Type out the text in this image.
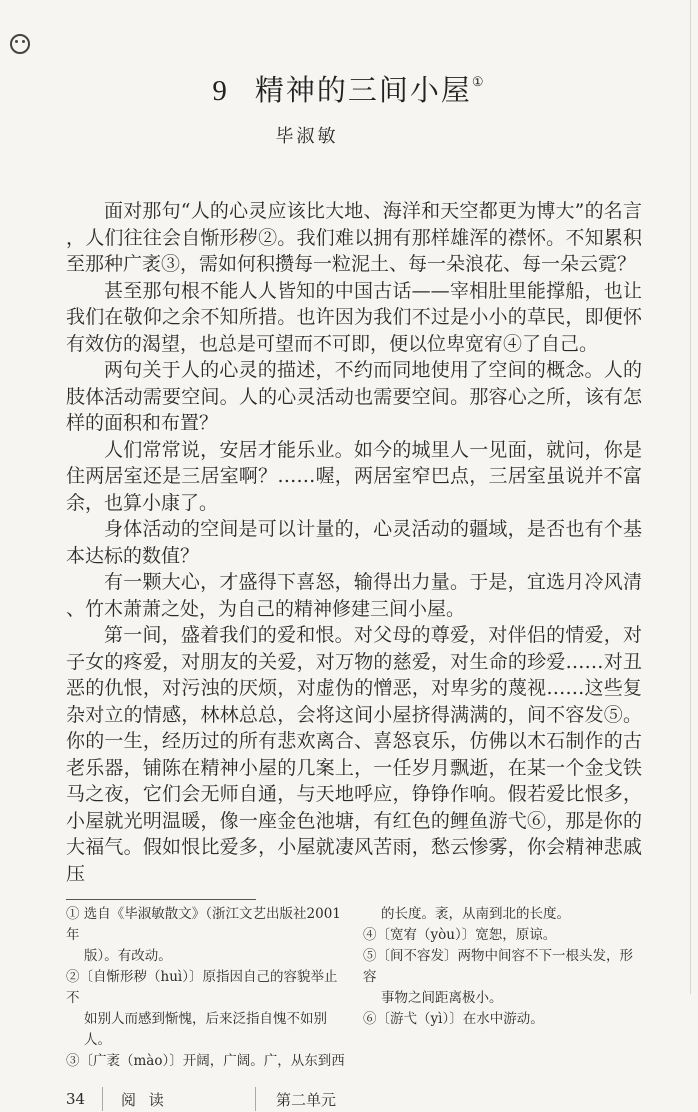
9 精神的三间小屋①
毕淑敏

面对那句“人的心灵应该比大地、海洋和天空都更为博大”的名言，人们往往会自惭形秽②。我们难以拥有那样雄浑的襟怀。不知累积至那种广袤③，需如何积攒每一粒泥土、每一朵浪花、每一朵云霓？

甚至那句根不能人人皆知的中国古话——宰相肚里能撑船，也让我们在敬仰之余不知所措。也许因为我们不过是小小的草民，即便怀有效仿的渴望，也总是可望而不可即，便以位卑宽宥④了自己。

两句关于人的心灵的描述，不约而同地使用了空间的概念。人的肢体活动需要空间。人的心灵活动也需要空间。那容心之所，该有怎样的面积和布置？

人们常常说，安居才能乐业。如今的城里人一见面，就问，你是住两居室还是三居室啊？……喔，两居室窄巴点，三居室虽说并不富余，也算小康了。

身体活动的空间是可以计量的，心灵活动的疆域，是否也有个基本达标的数值？

有一颗大心，才盛得下喜怒，输得出力量。于是，宜选月冷风清、竹木萧萧之处，为自己的精神修建三间小屋。

第一间，盛着我们的爱和恨。对父母的尊爱，对伴侣的情爱，对子女的疼爱，对朋友的关爱，对万物的慈爱，对生命的珍爱……对丑恶的仇恨，对污浊的厌烦，对虚伪的憎恶，对卑劣的蔑视……这些复杂对立的情感，林林总总，会将这间小屋挤得满满的，间不容发⑤。你的一生，经历过的所有悲欢离合、喜怒哀乐，仿佛以木石制作的古老乐器，铺陈在精神小屋的几案上，一任岁月飘逝，在某一个金戈铁马之夜，它们会无师自通，与天地呼应，铮铮作响。假若爱比恨多，小屋就光明温暖，像一座金色池塘，有红色的鲤鱼游弋⑥，那是你的大福气。假如恨比爱多，小屋就凄风苦雨，愁云惨雾，你会精神悲戚压

① 选自《毕淑敏散文》（浙江文艺出版社2001年
版）。有改动。
②〔自惭形秽（huì）〕原指因自己的容貌举止不
如别人而感到惭愧，后来泛指自愧不如别人。
③〔广袤（mào）〕开阔，广阔。广，从东到西
的长度。袤，从南到北的长度。
④〔宽宥（yòu）〕宽恕，原谅。
⑤〔间不容发〕两物中间容不下一根头发，形容
事物之间距离极小。
⑥〔游弋（yì）〕在水中游动。
34	阅 读	第二单元
